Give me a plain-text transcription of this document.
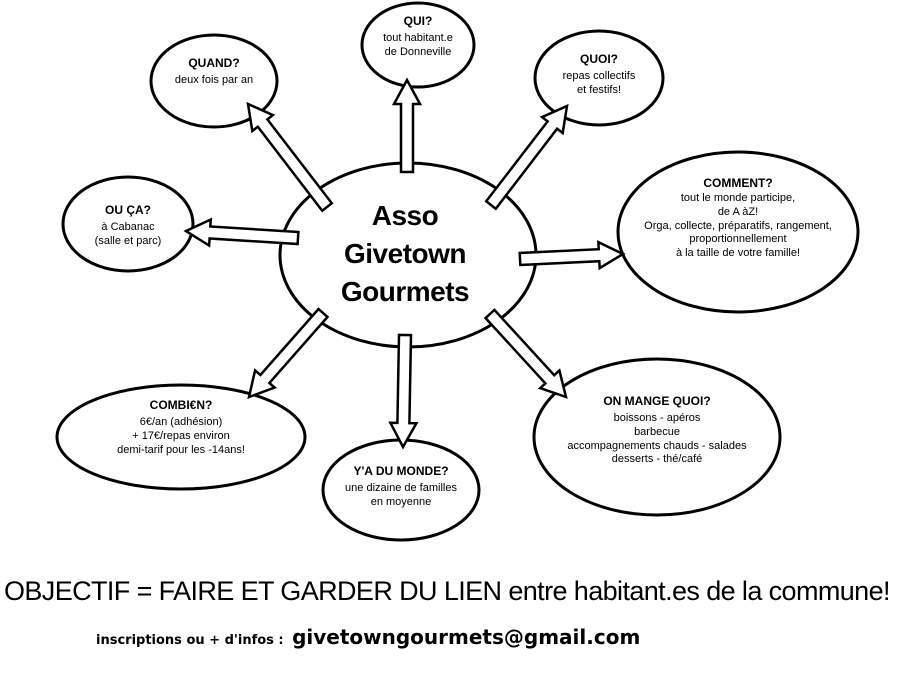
Asso
Givetown
Gourmets
QUI?
tout habitant.e
de Donneville
QUAND?
deux fois par an
QUOI?
repas collectifs
et festifs!
OU ÇA?
à Cabanac
(salle et parc)
COMMENT?
tout le monde participe,
de A àZ!
Orga, collecte, préparatifs, rangement,
proportionnellement
à la taille de votre famille!
COMBI€N?
6€/an (adhésion)
+ 17€/repas environ
demi-tarif pour les -14ans!
Y'A DU MONDE?
une dizaine de familles
en moyenne
ON MANGE QUOI?
boissons - apéros
barbecue
accompagnements chauds - salades
desserts - thé/café
OBJECTIF = FAIRE ET GARDER DU LIEN entre habitant.es de la commune!
inscriptions ou + d'infos : givetowngourmets@gmail.com
